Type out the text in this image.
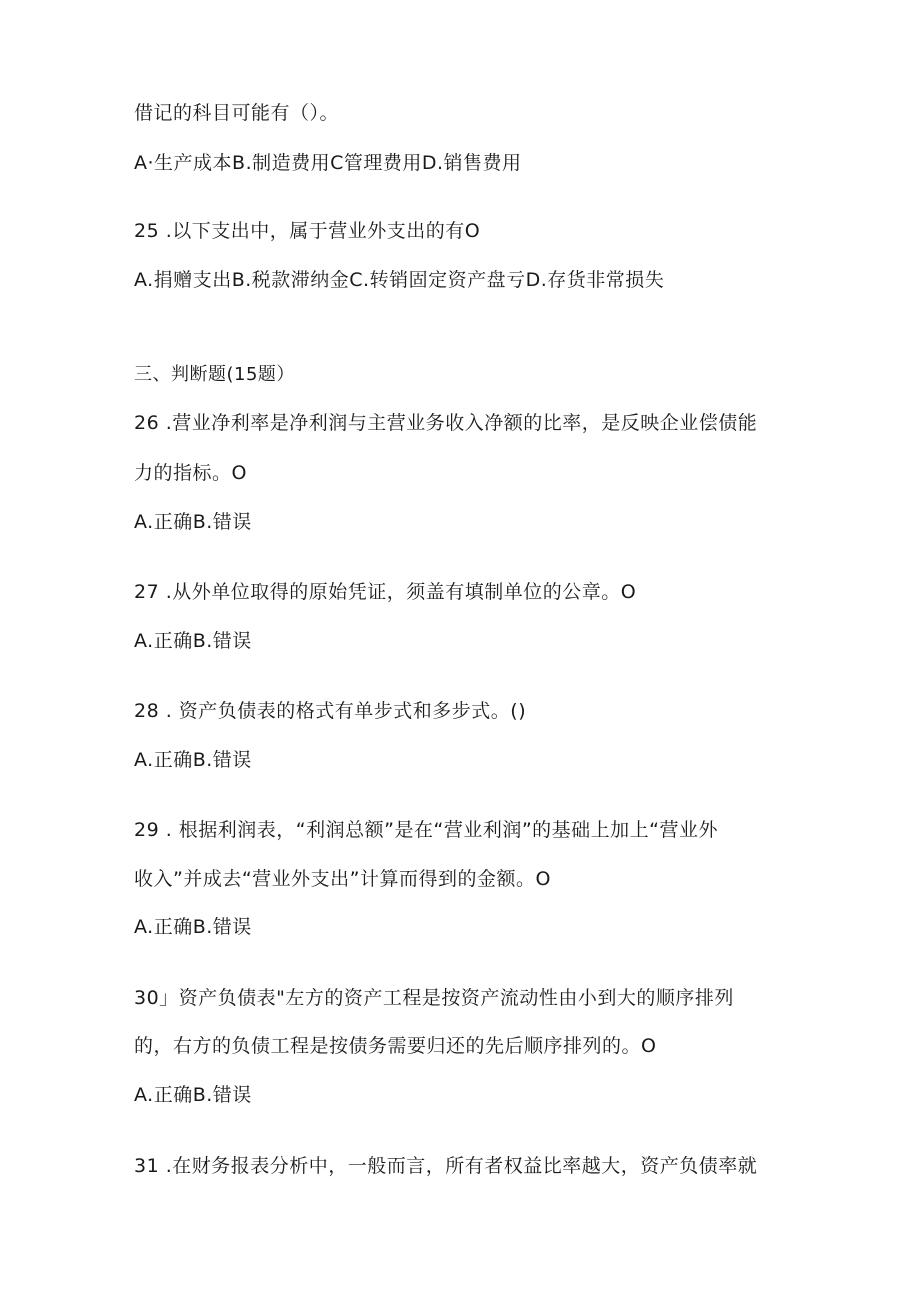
借记的科目可能有（）。
A·生产成本B.制造费用C管理费用D.销售费用
25 .以下支出中，属于营业外支出的有O
A.捐赠支出B.税款滞纳金C.转销固定资产盘亏D.存货非常损失
三、判断题(15题）
26 .营业净利率是净利润与主营业务收入净额的比率，是反映企业偿债能
力的指标。O
A.正确B.错误
27 .从外单位取得的原始凭证，须盖有填制单位的公章。O
A.正确B.错误
28 . 资产负债表的格式有单步式和多步式。()
A.正确B.错误
29 . 根据利润表，“利润总额”是在“营业利润”的基础上加上“营业外
收入”并成去“营业外支出”计算而得到的金额。O
A.正确B.错误
30」资产负债表"左方的资产工程是按资产流动性由小到大的顺序排列
的，右方的负债工程是按债务需要归还的先后顺序排列的。O
A.正确B.错误
31 .在财务报表分析中，一般而言，所有者权益比率越大，资产负债率就
